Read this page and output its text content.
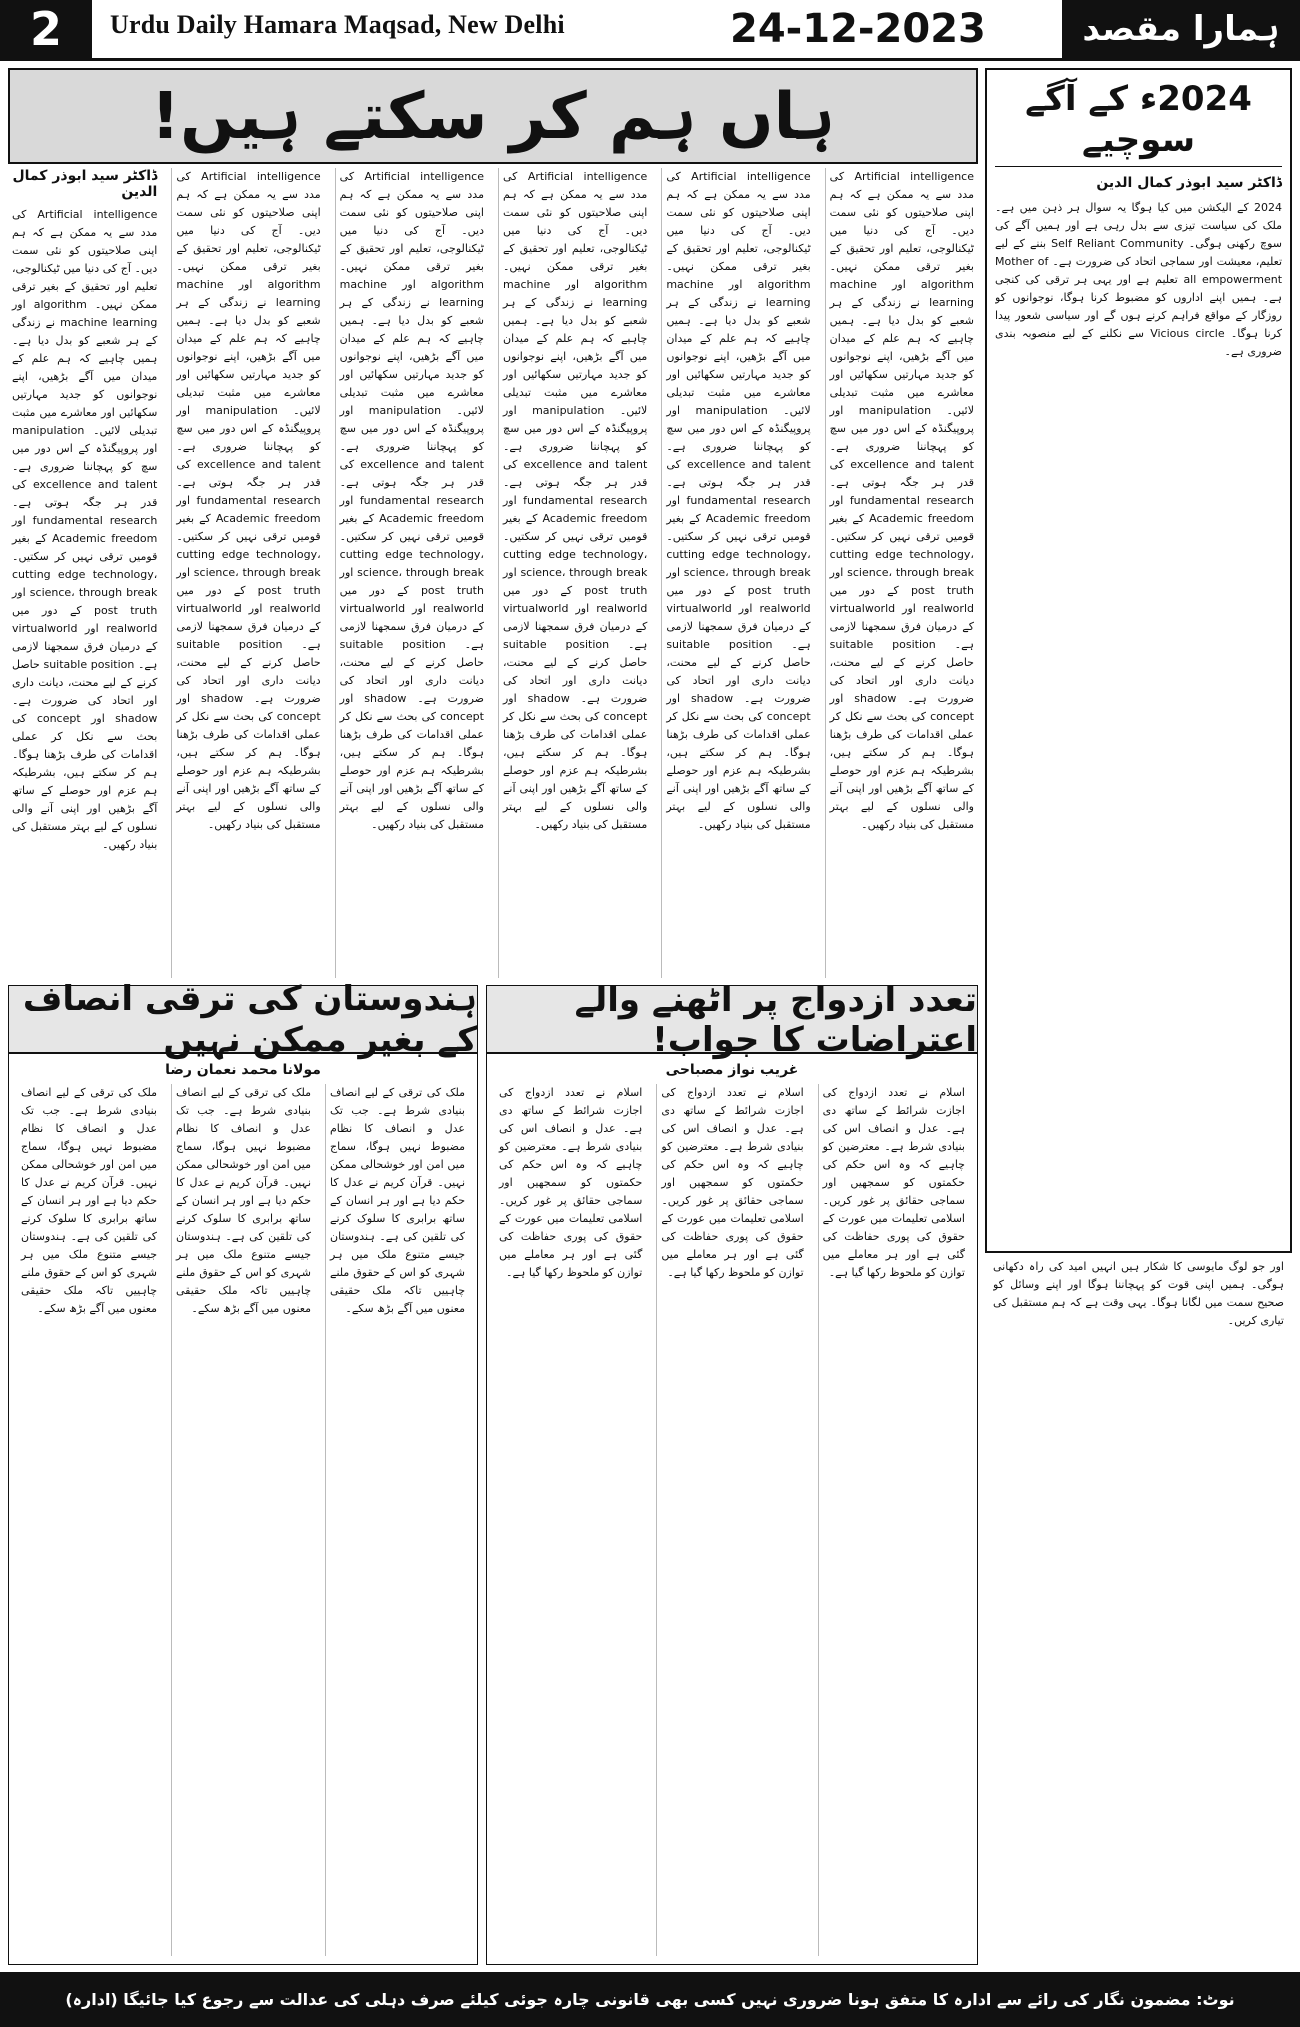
2	Urdu Daily Hamara Maqsad, New Delhi	24-12-2023	ہمارا مقصد
ہاں ہم کر سکتے ہیں!
ڈاکٹر سید ابوذر کمال الدین
Artificial intelligence کی مدد سے یہ ممکن ہے کہ ہم اپنی صلاحیتوں کو نئی سمت دیں۔ آج کی دنیا میں ٹیکنالوجی، تعلیم اور تحقیق کے بغیر ترقی ممکن نہیں۔ algorithm اور machine learning نے زندگی کے ہر شعبے کو بدل دیا ہے۔ ہمیں چاہیے کہ ہم علم کے میدان میں آگے بڑھیں، اپنے نوجوانوں کو جدید مہارتیں سکھائیں اور معاشرے میں مثبت تبدیلی لائیں۔ manipulation اور پروپیگنڈہ کے اس دور میں سچ کو پہچاننا ضروری ہے۔ excellence and talent کی قدر ہر جگہ ہوتی ہے۔ fundamental research اور Academic freedom کے بغیر قومیں ترقی نہیں کر سکتیں۔ cutting edge technology، science، through break اور post truth کے دور میں realworld اور virtualworld کے درمیان فرق سمجھنا لازمی ہے۔ suitable position حاصل کرنے کے لیے محنت، دیانت داری اور اتحاد کی ضرورت ہے۔ shadow اور concept کی بحث سے نکل کر عملی اقدامات کی طرف بڑھنا ہوگا۔ ہم کر سکتے ہیں، بشرطیکہ ہم عزم اور حوصلے کے ساتھ آگے بڑھیں اور اپنی آنے والی نسلوں کے لیے بہتر مستقبل کی بنیاد رکھیں۔
Artificial intelligence کی مدد سے یہ ممکن ہے کہ ہم اپنی صلاحیتوں کو نئی سمت دیں۔ آج کی دنیا میں ٹیکنالوجی، تعلیم اور تحقیق کے بغیر ترقی ممکن نہیں۔ algorithm اور machine learning نے زندگی کے ہر شعبے کو بدل دیا ہے۔ ہمیں چاہیے کہ ہم علم کے میدان میں آگے بڑھیں، اپنے نوجوانوں کو جدید مہارتیں سکھائیں اور معاشرے میں مثبت تبدیلی لائیں۔ manipulation اور پروپیگنڈہ کے اس دور میں سچ کو پہچاننا ضروری ہے۔ excellence and talent کی قدر ہر جگہ ہوتی ہے۔ fundamental research اور Academic freedom کے بغیر قومیں ترقی نہیں کر سکتیں۔ cutting edge technology، science، through break اور post truth کے دور میں realworld اور virtualworld کے درمیان فرق سمجھنا لازمی ہے۔ suitable position حاصل کرنے کے لیے محنت، دیانت داری اور اتحاد کی ضرورت ہے۔ shadow اور concept کی بحث سے نکل کر عملی اقدامات کی طرف بڑھنا ہوگا۔ ہم کر سکتے ہیں، بشرطیکہ ہم عزم اور حوصلے کے ساتھ آگے بڑھیں اور اپنی آنے والی نسلوں کے لیے بہتر مستقبل کی بنیاد رکھیں۔
Artificial intelligence کی مدد سے یہ ممکن ہے کہ ہم اپنی صلاحیتوں کو نئی سمت دیں۔ آج کی دنیا میں ٹیکنالوجی، تعلیم اور تحقیق کے بغیر ترقی ممکن نہیں۔ algorithm اور machine learning نے زندگی کے ہر شعبے کو بدل دیا ہے۔ ہمیں چاہیے کہ ہم علم کے میدان میں آگے بڑھیں، اپنے نوجوانوں کو جدید مہارتیں سکھائیں اور معاشرے میں مثبت تبدیلی لائیں۔ manipulation اور پروپیگنڈہ کے اس دور میں سچ کو پہچاننا ضروری ہے۔ excellence and talent کی قدر ہر جگہ ہوتی ہے۔ fundamental research اور Academic freedom کے بغیر قومیں ترقی نہیں کر سکتیں۔ cutting edge technology، science، through break اور post truth کے دور میں realworld اور virtualworld کے درمیان فرق سمجھنا لازمی ہے۔ suitable position حاصل کرنے کے لیے محنت، دیانت داری اور اتحاد کی ضرورت ہے۔ shadow اور concept کی بحث سے نکل کر عملی اقدامات کی طرف بڑھنا ہوگا۔ ہم کر سکتے ہیں، بشرطیکہ ہم عزم اور حوصلے کے ساتھ آگے بڑھیں اور اپنی آنے والی نسلوں کے لیے بہتر مستقبل کی بنیاد رکھیں۔
Artificial intelligence کی مدد سے یہ ممکن ہے کہ ہم اپنی صلاحیتوں کو نئی سمت دیں۔ آج کی دنیا میں ٹیکنالوجی، تعلیم اور تحقیق کے بغیر ترقی ممکن نہیں۔ algorithm اور machine learning نے زندگی کے ہر شعبے کو بدل دیا ہے۔ ہمیں چاہیے کہ ہم علم کے میدان میں آگے بڑھیں، اپنے نوجوانوں کو جدید مہارتیں سکھائیں اور معاشرے میں مثبت تبدیلی لائیں۔ manipulation اور پروپیگنڈہ کے اس دور میں سچ کو پہچاننا ضروری ہے۔ excellence and talent کی قدر ہر جگہ ہوتی ہے۔ fundamental research اور Academic freedom کے بغیر قومیں ترقی نہیں کر سکتیں۔ cutting edge technology، science، through break اور post truth کے دور میں realworld اور virtualworld کے درمیان فرق سمجھنا لازمی ہے۔ suitable position حاصل کرنے کے لیے محنت، دیانت داری اور اتحاد کی ضرورت ہے۔ shadow اور concept کی بحث سے نکل کر عملی اقدامات کی طرف بڑھنا ہوگا۔ ہم کر سکتے ہیں، بشرطیکہ ہم عزم اور حوصلے کے ساتھ آگے بڑھیں اور اپنی آنے والی نسلوں کے لیے بہتر مستقبل کی بنیاد رکھیں۔
Artificial intelligence کی مدد سے یہ ممکن ہے کہ ہم اپنی صلاحیتوں کو نئی سمت دیں۔ آج کی دنیا میں ٹیکنالوجی، تعلیم اور تحقیق کے بغیر ترقی ممکن نہیں۔ algorithm اور machine learning نے زندگی کے ہر شعبے کو بدل دیا ہے۔ ہمیں چاہیے کہ ہم علم کے میدان میں آگے بڑھیں، اپنے نوجوانوں کو جدید مہارتیں سکھائیں اور معاشرے میں مثبت تبدیلی لائیں۔ manipulation اور پروپیگنڈہ کے اس دور میں سچ کو پہچاننا ضروری ہے۔ excellence and talent کی قدر ہر جگہ ہوتی ہے۔ fundamental research اور Academic freedom کے بغیر قومیں ترقی نہیں کر سکتیں۔ cutting edge technology، science، through break اور post truth کے دور میں realworld اور virtualworld کے درمیان فرق سمجھنا لازمی ہے۔ suitable position حاصل کرنے کے لیے محنت، دیانت داری اور اتحاد کی ضرورت ہے۔ shadow اور concept کی بحث سے نکل کر عملی اقدامات کی طرف بڑھنا ہوگا۔ ہم کر سکتے ہیں، بشرطیکہ ہم عزم اور حوصلے کے ساتھ آگے بڑھیں اور اپنی آنے والی نسلوں کے لیے بہتر مستقبل کی بنیاد رکھیں۔
Artificial intelligence کی مدد سے یہ ممکن ہے کہ ہم اپنی صلاحیتوں کو نئی سمت دیں۔ آج کی دنیا میں ٹیکنالوجی، تعلیم اور تحقیق کے بغیر ترقی ممکن نہیں۔ algorithm اور machine learning نے زندگی کے ہر شعبے کو بدل دیا ہے۔ ہمیں چاہیے کہ ہم علم کے میدان میں آگے بڑھیں، اپنے نوجوانوں کو جدید مہارتیں سکھائیں اور معاشرے میں مثبت تبدیلی لائیں۔ manipulation اور پروپیگنڈہ کے اس دور میں سچ کو پہچاننا ضروری ہے۔ excellence and talent کی قدر ہر جگہ ہوتی ہے۔ fundamental research اور Academic freedom کے بغیر قومیں ترقی نہیں کر سکتیں۔ cutting edge technology، science، through break اور post truth کے دور میں realworld اور virtualworld کے درمیان فرق سمجھنا لازمی ہے۔ suitable position حاصل کرنے کے لیے محنت، دیانت داری اور اتحاد کی ضرورت ہے۔ shadow اور concept کی بحث سے نکل کر عملی اقدامات کی طرف بڑھنا ہوگا۔ ہم کر سکتے ہیں، بشرطیکہ ہم عزم اور حوصلے کے ساتھ آگے بڑھیں اور اپنی آنے والی نسلوں کے لیے بہتر مستقبل کی بنیاد رکھیں۔
2024ء کے آگے سوچیے
ڈاکٹر سید ابوذر کمال الدین
2024 کے الیکشن میں کیا ہوگا یہ سوال ہر ذہن میں ہے۔ ملک کی سیاست تیزی سے بدل رہی ہے اور ہمیں آگے کی سوچ رکھنی ہوگی۔ Self Reliant Community بننے کے لیے تعلیم، معیشت اور سماجی اتحاد کی ضرورت ہے۔ Mother of all empowerment تعلیم ہے اور یہی ہر ترقی کی کنجی ہے۔ ہمیں اپنے اداروں کو مضبوط کرنا ہوگا، نوجوانوں کو روزگار کے مواقع فراہم کرنے ہوں گے اور سیاسی شعور پیدا کرنا ہوگا۔ Vicious circle سے نکلنے کے لیے منصوبہ بندی ضروری ہے۔
اور جو لوگ مایوسی کا شکار ہیں انہیں امید کی راہ دکھانی ہوگی۔ ہمیں اپنی قوت کو پہچاننا ہوگا اور اپنے وسائل کو صحیح سمت میں لگانا ہوگا۔ یہی وقت ہے کہ ہم مستقبل کی تیاری کریں۔
ہندوستان کی ترقی انصاف کے بغیر ممکن نہیں
مولانا محمد نعمان رضا
ملک کی ترقی کے لیے انصاف بنیادی شرط ہے۔ جب تک عدل و انصاف کا نظام مضبوط نہیں ہوگا، سماج میں امن اور خوشحالی ممکن نہیں۔ قرآن کریم نے عدل کا حکم دیا ہے اور ہر انسان کے ساتھ برابری کا سلوک کرنے کی تلقین کی ہے۔ ہندوستان جیسے متنوع ملک میں ہر شہری کو اس کے حقوق ملنے چاہییں تاکہ ملک حقیقی معنوں میں آگے بڑھ سکے۔
ملک کی ترقی کے لیے انصاف بنیادی شرط ہے۔ جب تک عدل و انصاف کا نظام مضبوط نہیں ہوگا، سماج میں امن اور خوشحالی ممکن نہیں۔ قرآن کریم نے عدل کا حکم دیا ہے اور ہر انسان کے ساتھ برابری کا سلوک کرنے کی تلقین کی ہے۔ ہندوستان جیسے متنوع ملک میں ہر شہری کو اس کے حقوق ملنے چاہییں تاکہ ملک حقیقی معنوں میں آگے بڑھ سکے۔
ملک کی ترقی کے لیے انصاف بنیادی شرط ہے۔ جب تک عدل و انصاف کا نظام مضبوط نہیں ہوگا، سماج میں امن اور خوشحالی ممکن نہیں۔ قرآن کریم نے عدل کا حکم دیا ہے اور ہر انسان کے ساتھ برابری کا سلوک کرنے کی تلقین کی ہے۔ ہندوستان جیسے متنوع ملک میں ہر شہری کو اس کے حقوق ملنے چاہییں تاکہ ملک حقیقی معنوں میں آگے بڑھ سکے۔
تعدد ازدواج پر اٹھنے والے اعتراضات کا جواب!
غریب نواز مصباحی
اسلام نے تعدد ازدواج کی اجازت شرائط کے ساتھ دی ہے۔ عدل و انصاف اس کی بنیادی شرط ہے۔ معترضین کو چاہیے کہ وہ اس حکم کی حکمتوں کو سمجھیں اور سماجی حقائق پر غور کریں۔ اسلامی تعلیمات میں عورت کے حقوق کی پوری حفاظت کی گئی ہے اور ہر معاملے میں توازن کو ملحوظ رکھا گیا ہے۔
اسلام نے تعدد ازدواج کی اجازت شرائط کے ساتھ دی ہے۔ عدل و انصاف اس کی بنیادی شرط ہے۔ معترضین کو چاہیے کہ وہ اس حکم کی حکمتوں کو سمجھیں اور سماجی حقائق پر غور کریں۔ اسلامی تعلیمات میں عورت کے حقوق کی پوری حفاظت کی گئی ہے اور ہر معاملے میں توازن کو ملحوظ رکھا گیا ہے۔
اسلام نے تعدد ازدواج کی اجازت شرائط کے ساتھ دی ہے۔ عدل و انصاف اس کی بنیادی شرط ہے۔ معترضین کو چاہیے کہ وہ اس حکم کی حکمتوں کو سمجھیں اور سماجی حقائق پر غور کریں۔ اسلامی تعلیمات میں عورت کے حقوق کی پوری حفاظت کی گئی ہے اور ہر معاملے میں توازن کو ملحوظ رکھا گیا ہے۔
نوٹ: مضمون نگار کی رائے سے ادارہ کا متفق ہونا ضروری نہیں کسی بھی قانونی چارہ جوئی کیلئے صرف دہلی کی عدالت سے رجوع کیا جائیگا (ادارہ)
